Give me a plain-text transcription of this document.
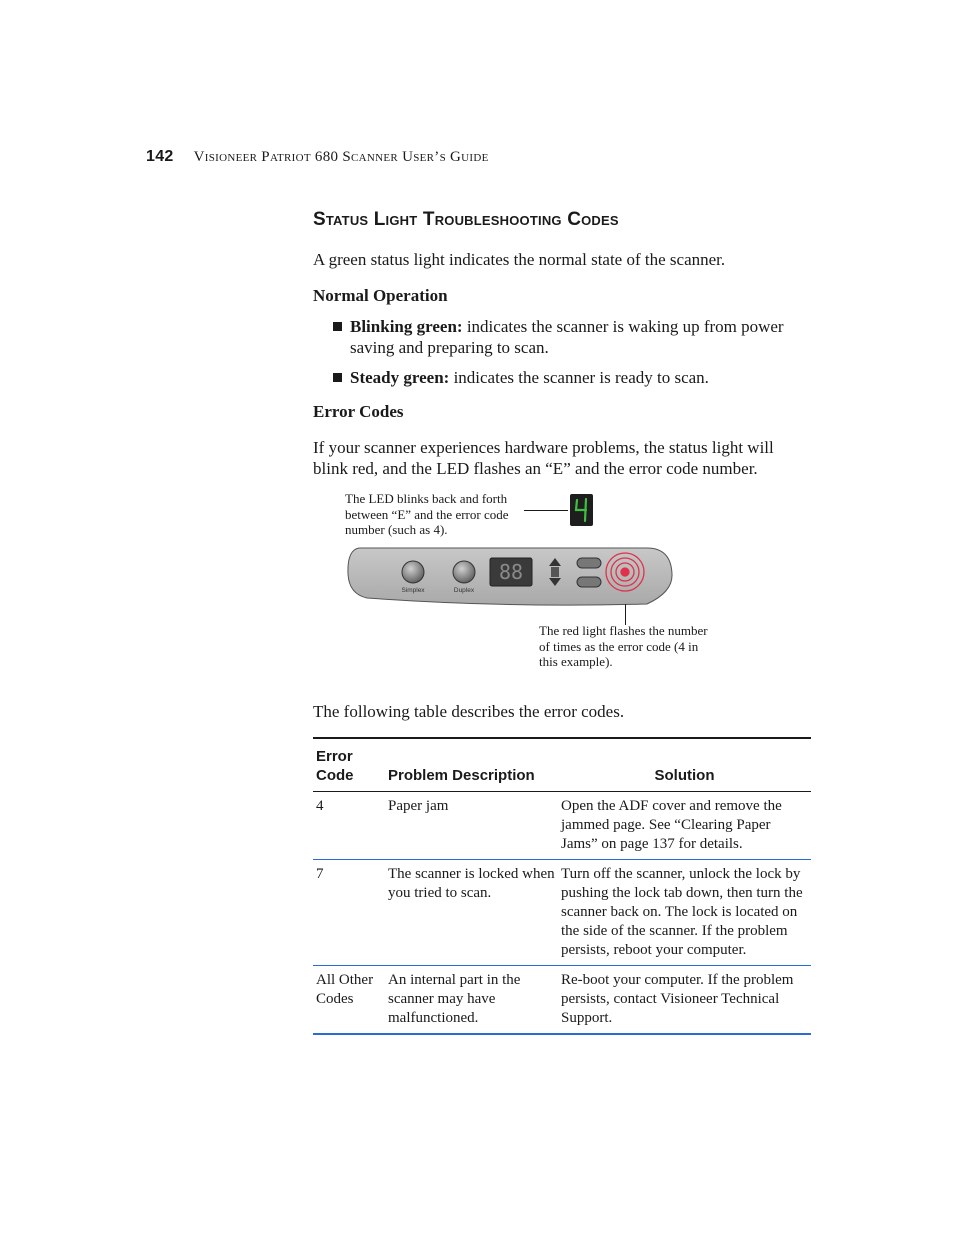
142 Visioneer Patriot 680 Scanner User’s Guide
Status Light Troubleshooting Codes
A green status light indicates the normal state of the scanner.
Normal Operation
Blinking green: indicates the scanner is waking up from power saving and preparing to scan.
Steady green: indicates the scanner is ready to scan.
Error Codes
If your scanner experiences hardware problems, the status light will blink red, and the LED flashes an “E” and the error code number.
The LED blinks back and forth between “E” and the error code number (such as 4).
88
Simplex	Duplex
The red light flashes the number of times as the error code (4 in this example).
The following table describes the error codes.
Error
Code	Problem Description	Solution
4	Paper jam	Open the ADF cover and remove the jammed page. See “Clearing Paper Jams” on page 137 for details.
7	The scanner is locked when you tried to scan.	Turn off the scanner, unlock the lock by pushing the lock tab down, then turn the scanner back on. The lock is located on the side of the scanner. If the problem persists, reboot your computer.
All Other Codes	An internal part in the scanner may have malfunctioned.	Re-boot your computer. If the problem persists, contact Visioneer Technical Support.
